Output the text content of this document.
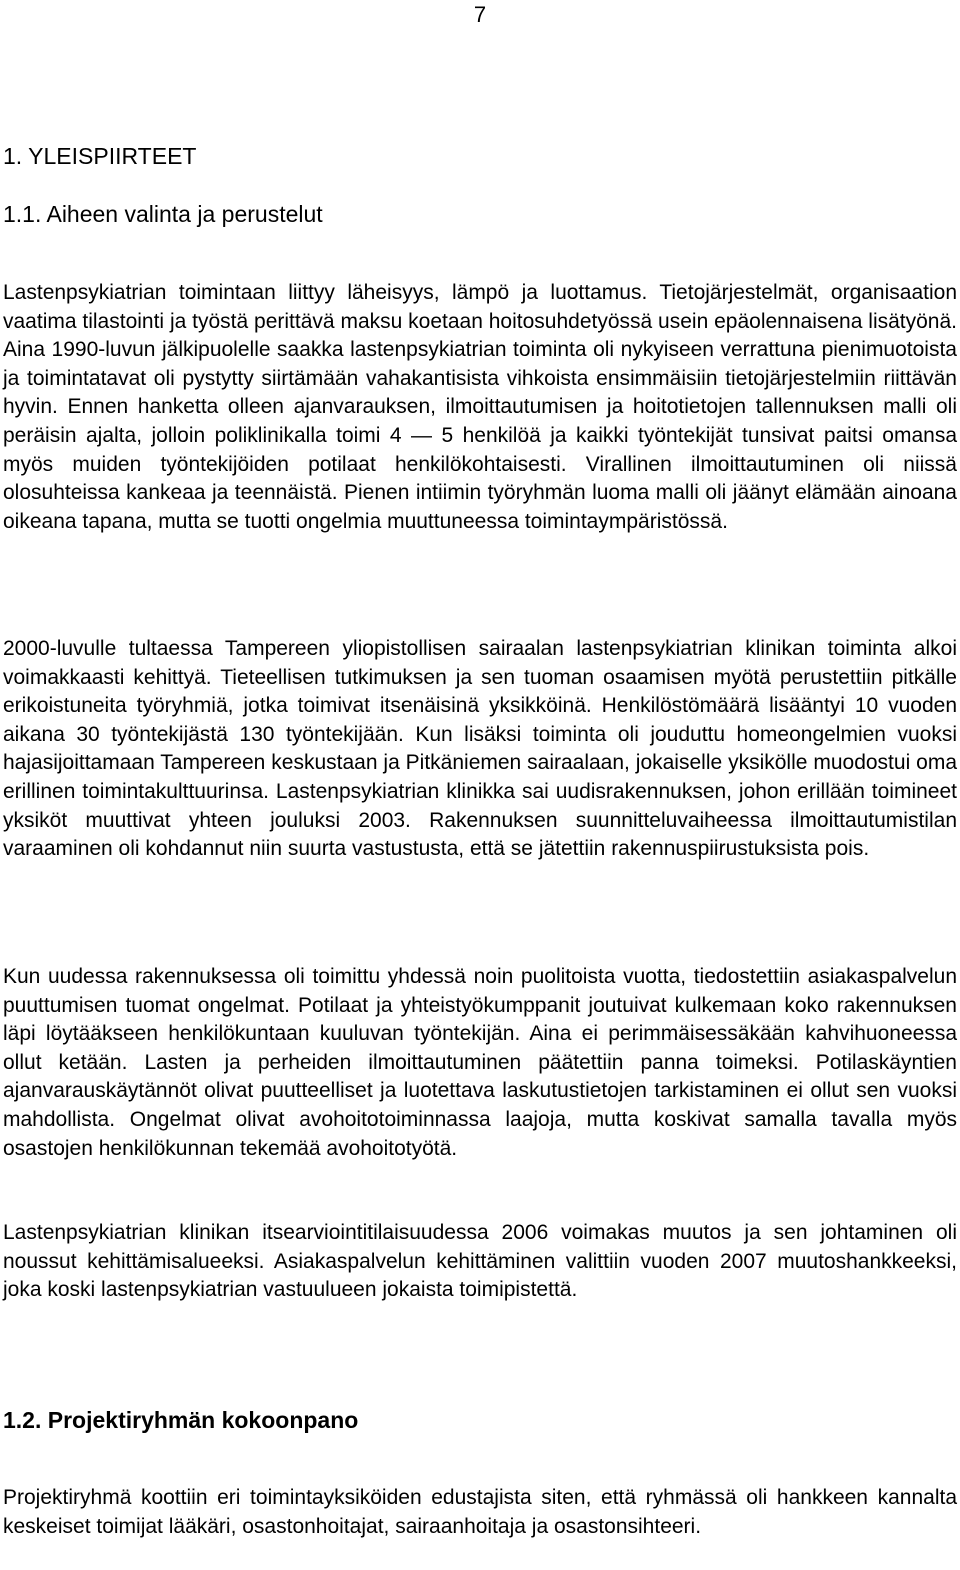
7
1. YLEISPIIRTEET
1.1. Aiheen valinta ja perustelut

Lastenpsykiatrian toimintaan liittyy läheisyys, lämpö ja luottamus. Tietojärjestelmät, organisaation vaatima tilastointi ja työstä perittävä maksu koetaan hoitosuhdetyössä usein epäolennaisena lisätyönä. Aina 1990-luvun jälkipuolelle saakka lastenpsykiatrian toiminta oli nykyiseen verrattuna pienimuotoista ja toimintatavat oli pystytty siirtämään vahakantisista vihkoista ensimmäisiin tietojärjestelmiin riittävän hyvin. Ennen hanketta olleen ajanvarauksen, ilmoittautumisen ja hoitotietojen tallennuksen malli oli peräisin ajalta, jolloin poliklinikalla toimi 4 — 5 henkilöä ja kaikki työntekijät tunsivat paitsi omansa myös muiden työntekijöiden potilaat henkilökohtaisesti. Virallinen ilmoittautuminen oli niissä olosuhteissa kankeaa ja teennäistä. Pienen intiimin työryhmän luoma malli oli jäänyt elämään ainoana oikeana tapana, mutta se tuotti ongelmia muuttuneessa toimintaympäristössä.

2000-luvulle tultaessa Tampereen yliopistollisen sairaalan lastenpsykiatrian klinikan toiminta alkoi voimakkaasti kehittyä. Tieteellisen tutkimuksen ja sen tuoman osaamisen myötä perustettiin pitkälle erikoistuneita työryhmiä, jotka toimivat itsenäisinä yksikköinä. Henkilöstömäärä lisääntyi 10 vuoden aikana 30 työntekijästä 130 työntekijään. Kun lisäksi toiminta oli jouduttu homeongelmien vuoksi hajasijoittamaan Tampereen keskustaan ja Pitkäniemen sairaalaan, jokaiselle yksikölle muodostui oma erillinen toimintakulttuurinsa. Lastenpsykiatrian klinikka sai uudisrakennuksen, johon erillään toimineet yksiköt muuttivat yhteen jouluksi 2003. Rakennuksen suunnitteluvaiheessa ilmoittautumistilan varaaminen oli kohdannut niin suurta vastustusta, että se jätettiin rakennuspiirustuksista pois.

Kun uudessa rakennuksessa oli toimittu yhdessä noin puolitoista vuotta, tiedostettiin asiakaspalvelun puuttumisen tuomat ongelmat. Potilaat ja yhteistyökumppanit joutuivat kulkemaan koko rakennuksen läpi löytääkseen henkilökuntaan kuuluvan työntekijän. Aina ei perimmäisessäkään kahvihuoneessa ollut ketään. Lasten ja perheiden ilmoittautuminen päätettiin panna toimeksi. Potilaskäyntien ajanvarauskäytännöt olivat puutteelliset ja luotettava laskutustietojen tarkistaminen ei ollut sen vuoksi mahdollista. Ongelmat olivat avohoitotoiminnassa laajoja, mutta koskivat samalla tavalla myös osastojen henkilökunnan tekemää avohoitotyötä.

Lastenpsykiatrian klinikan itsearviointitilaisuudessa 2006 voimakas muutos ja sen johtaminen oli noussut kehittämisalueeksi. Asiakaspalvelun kehittäminen valittiin vuoden 2007 muutoshankkeeksi, joka koski lastenpsykiatrian vastuulueen jokaista toimipistettä.

1.2. Projektiryhmän kokoonpano

Projektiryhmä koottiin eri toimintayksiköiden edustajista siten, että ryhmässä oli hankkeen kannalta keskeiset toimijat lääkäri, osastonhoitajat, sairaanhoitaja ja osastonsihteeri.
